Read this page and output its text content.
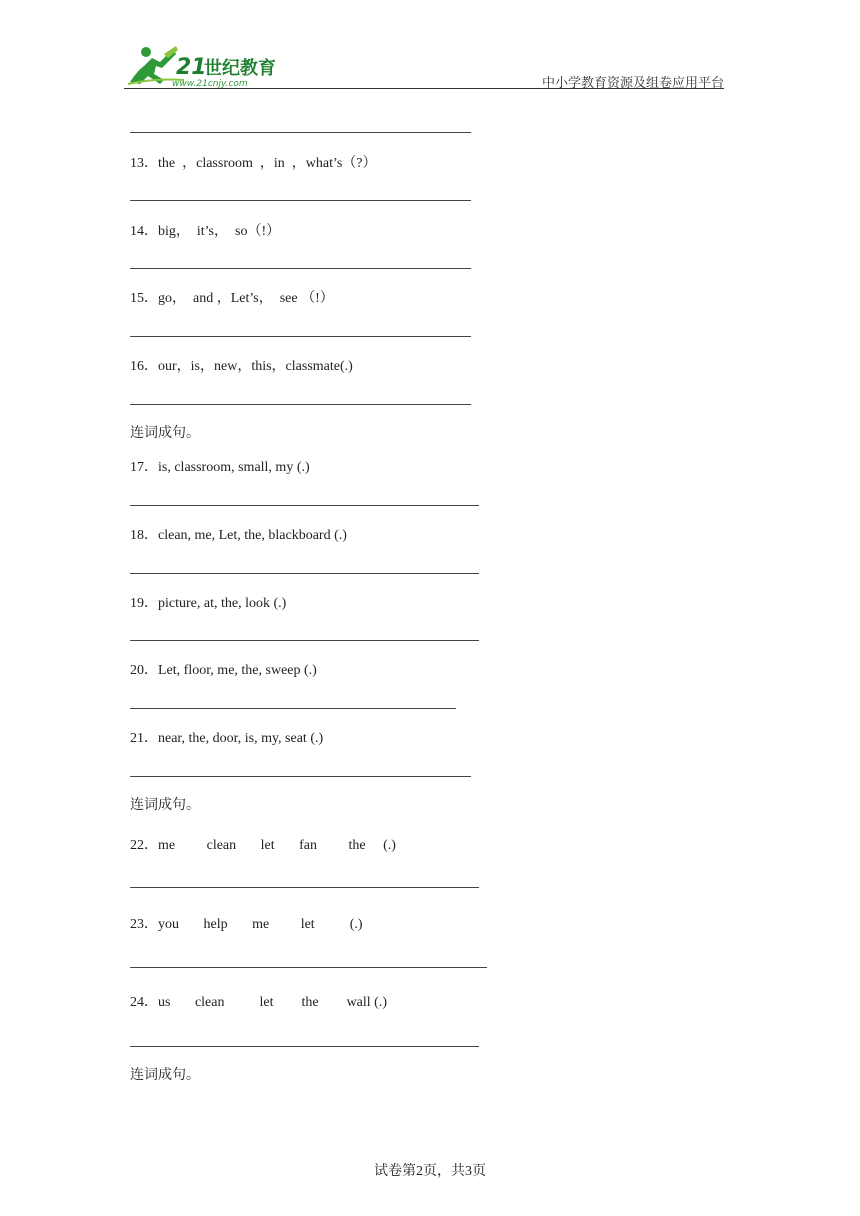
21
世纪教育
www.21cnjy.com	中小学教育资源及组卷应用平台
13．the  ，classroom  ，in  ，what’s（?）
14．big，  it’s，  so（!）
15．go，  and ，Let’s，  see （!）
16．our，is，new，this，classmate(.)
连词成句。
17．is, classroom, small, my (.)
18．clean, me, Let, the, blackboard (.)
19．picture, at, the, look (.)
20．Let, floor, me, the, sweep (.)
21．near, the, door, is, my, seat (.)
连词成句。
22．me         clean       let       fan         the     (.)
23．you       help       me         let          (.)
24．us       clean          let        the        wall (.)
连词成句。
试卷第2页，共3页
